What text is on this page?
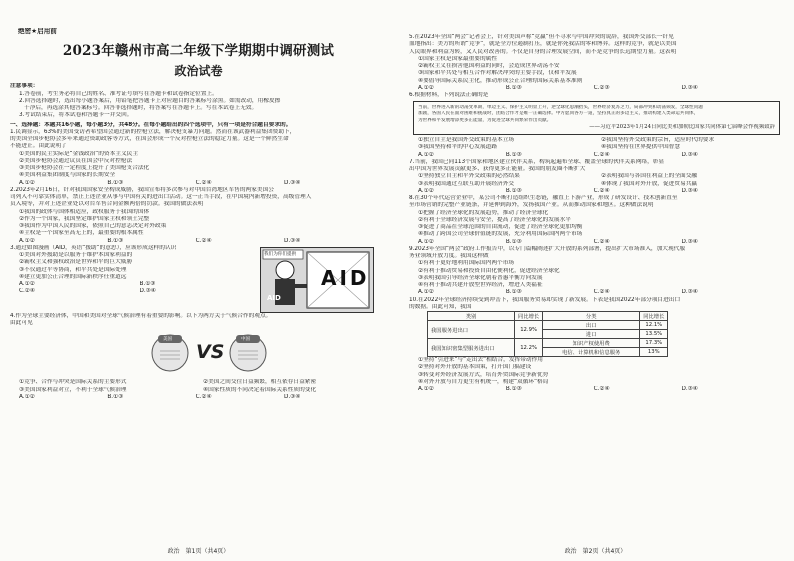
绝密★启用前
2023年赣州市高二年级下学期期中调研测试
政治试卷
注意事项：
1.答卷前，考生务必将自己的姓名、准考证号填写在答题卡和试卷指定位置上。
2.回答选择题时，选出每小题答案后，用铅笔把答题卡上对应题目的答案标号涂黑。如需改动，用橡皮擦
干净后，再选涂其他答案标号。回答非选择题时，将答案写在答题卡上。写在本试卷上无效。
3.考试结束后，将本试卷和答题卡一并交回。
一、选择题：本题共16小题，每小题3分，共48分。在每小题给出的四个选项中，只有一项是符合题目要求的。
1.民调显示，63%的美国受访者希望国会通过新的控枪立法，解决枪支暴力问题。然而在该武器利益集团赞助下，
的美国全国步枪协会多年来通过资助政客等方式，在国会形成一个反对控枪立法的稳定力量。这是一个鲜然生命
不能进止。由此说明了
①美国的民主实际是“金钱政治”的资本主义民主
②美国步枪协会通过议员在国会中反对控枪法
③美国步枪协会在一定程度上提升了美国枪支合法化
④美国利益集团制度与国家的长期安全
A.①②	B.①③	C.②④	D.③④
2.2023年2月16日，针对我国国家安全构成威胁，我国宣布将多次参与对中国台湾地区军售的两家美国公
司列入不可靠实体清单，禁止上述企业从事与中国有关的进出口活动。这一正当手段，在中国境内新增投资，高级管理人
员入境等，并对上述企业处以对台军售合同金额两倍的罚款。我国的做法表明
①我国的政体与国体相适应，政权服务于我国的国体
②作为一个国家，我国坚定维护国家主权和领土完整
③我国作为中国人民的国家，依照自己的意志决定对外政策
④主权是一个国家至高无上的，最重要的根本属性
A.①②	B.①③	C.②④	D.③④
3.通过如图漫画（AID，英语“援助”的意思），应该形成这样的认识
①美国对外援助是以服务于维护本国家利益的
②霸权主义和强权政治是世界和平的巨大威胁
③不仅通过平等协商，和平共处是国际处理
④建立更加公正合理的国际新秩序任重道远
A.①②	B.①③
C.②④	D.③④
我们为你们提供
AID
AID
4.作为全球主要经济体，中国和美国对全球气候治理有着重要的影响。以下为两方关于气候合作的观点。
由此可见
VS
美国	中国
①竞争、合作与冲突是国际关系的主要形式	②美国之间交往日益频繁，相互依存日益紧密
③美国国家利益对立，不利于全球气候治理	④国家性质的不同决定着国际关系性质的变化
A.①②	B.①③	C.②④	D.③④
政治　第1页（共4页）
5.在2023年全国“两会”记者会上，针对美国声称“竞赢”但不寻求与中国冲突的说辞，我国外交部长一针见
血地指出：美方的所谓“竞争”，就是全方位遏制打压，就是你死我活的零和博弈。这样的竞争，就是以美国
人民眼界和利益为转，又人民对改善的。不仅是自身的合理发展空间，而不是竞争的长远期望力量。这表明
①国家主权是国家最重要的属性
②霸权主义在损害他国利益的同时，会造成世界动荡不安
③国家和平共处与相互合作对解决冲突的主要手段，仅和平发展
④要倡导国际关系民主化，推动形成公正合理的国际关系基本准则
A.①②	B.①③	C.②③	D.③④
6.根据材料，下列说法正确的是
当前，世界进入新的动荡变革期，单边主义、保护主义明显上升，逆全球化思潮抬头，世界经济复苏乏力，局部冲突和动荡频发，全球性问题
加剧，各国人民在面对困难和挑战时，团结合作才是唯一正确选择。中方愿同各方一道，坚持真正的多边主义，推动构建人类命运共同体，
为世界和平发展增添更多正能量，为促进全球共同繁荣作出贡献。
——习近平2023年1月24日向比美和加勒比国家共同体第七届峰会作视频致辞
①独立自主是我国外交政策的基本立场	②我国坚持外交政策的宗旨，适应时代的要求
③我国坚持和平的中心发展道路	④我国坚持在世界提供中国智慧
A.①②	B.①③	C.②④	D.③④
7.当前，我国已同113个国家和地区建立伙伴关系，构筑起遍布全球、覆盖全球的伙伴关系网络，彰显
出中国为世界发展贡献更多、获得更多正能量。我国的朋友圈不断扩大
①坚持独立自主和平外交政策的必然结果	②表明我国与各国在利益上的全面交融
③表明我国通过互联互助开展经济外交	④体现了我国对外开放，促进贸易共赢
A.①②	B.①③	C.②④	D.③④
8.在30个年代运营企业中，某公司不断打造组织生态链，融直上下游产业，形成了研发设计、技术创新直至
至市场营销的完整产业链条，并延伸到海外，发扬我国产业。从而推动国家和地区。这种做法说明
①把握了经济全球化的发展趋势，推动了经济全球化
②有利于全球经济发展与安全，提高了经济全球化的发展水平
③促进了商品在全球范围的自由流动，促进了经济全球化更加均衡
④推动了跨国公司全球价值链的发展，充分利用国际国内两个市场
A.①②	B.①③	C.②④	D.③④
9.2023年全国“两会”政府工作报告中，以专门篇幅阐述扩大开放的系列部署，提出扩大市场准入，加大现代服
务业领域开放力度。我国这样做
①有利于更好地利用国际国内两个市场
②有利于推动贸易和投资自由化便利化，促进经济全球化
③表明我国引导经济全球化朝着普惠平衡方向发展
④有利于推动共建开放型世界经济，增进人类福祉
A.①②	B.①③	C.②④	D.③④
10.在2022年全球经济持续受到冲击下，我国服务贸易却实现了新发展。下表是我国2022年部分项目进出口
的数据。由此可知，我国
类别	同比增长	分类	同比增长
我国服务进出口	12.9%	出口	12.1%
		进口	13.5%
我国知识密集型服务进出口	12.2%	知识产权使用费	17.3%
		电信、计算机和信息服务	13%
①坚持“引进来”与“走出去”相结合，发挥带动作用
②坚持对外开放的基本国策，打开国门搞建设
③转变对外经济发展方式，培育外贸国际竞争新优势
④对外开放与自力更生有机统一，构建“双循环”格局
A.①②	B.①③	C.②④	D.③④
政治　第2页（共4页）
